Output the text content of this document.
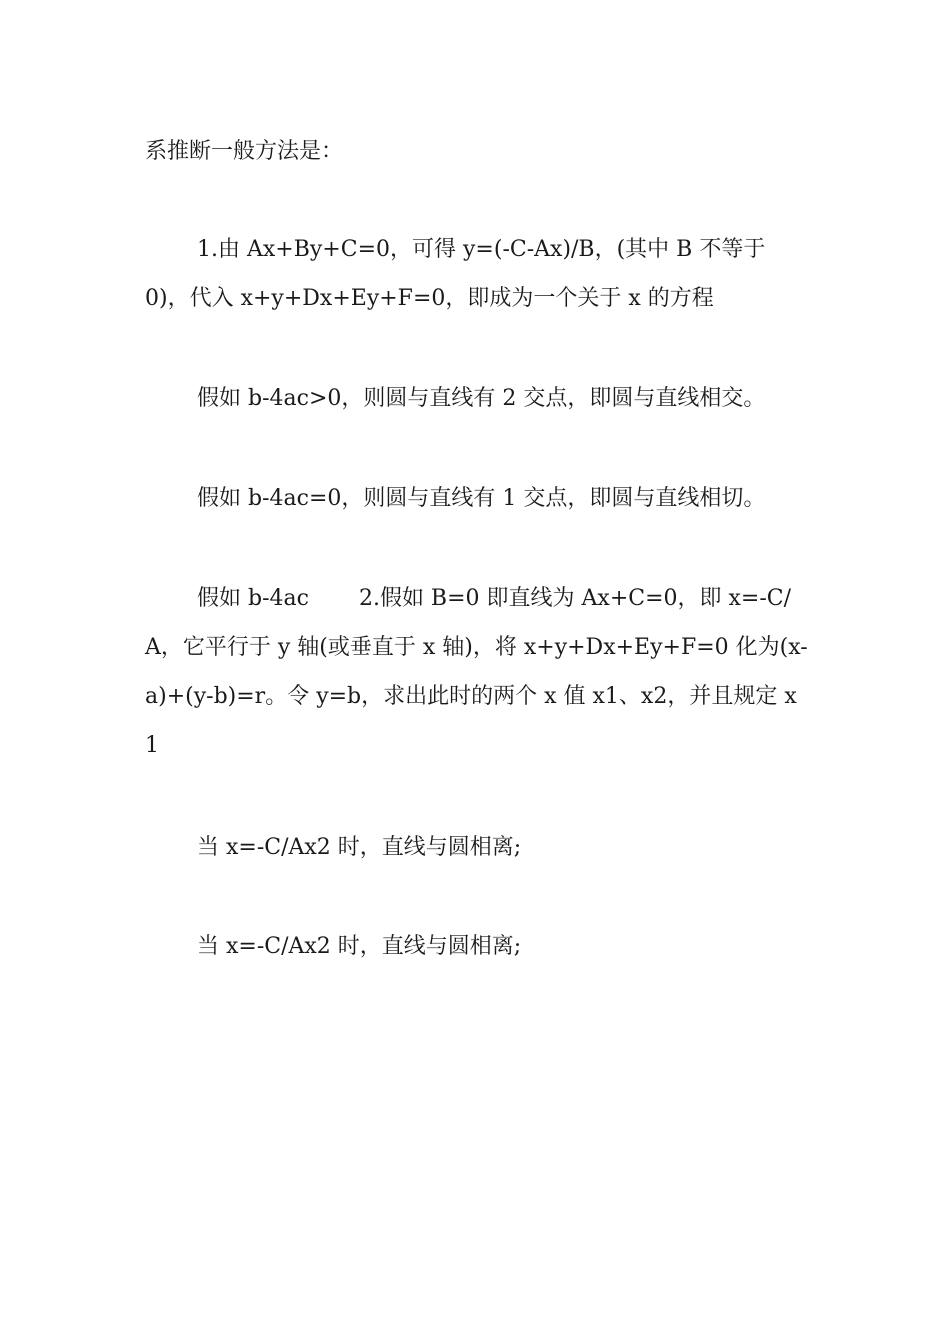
系推断一般方法是：

1.由 Ax+By+C=0，可得 y=(-C-Ax)/B，(其中 B 不等于 0)，代入 x+y+Dx+Ey+F=0，即成为一个关于 x 的方程

假如 b-4ac>0，则圆与直线有 2 交点，即圆与直线相交。

假如 b-4ac=0，则圆与直线有 1 交点，即圆与直线相切。

假如 b-4ac 2.假如 B=0 即直线为 Ax+C=0，即 x=-C/A，它平行于 y 轴(或垂直于 x 轴)，将 x+y+Dx+Ey+F=0 化为(x-a)+(y-b)=r。令 y=b，求出此时的两个 x 值 x1、x2，并且规定 x1

当 x=-C/Ax2 时，直线与圆相离;

当 x=-C/Ax2 时，直线与圆相离;
